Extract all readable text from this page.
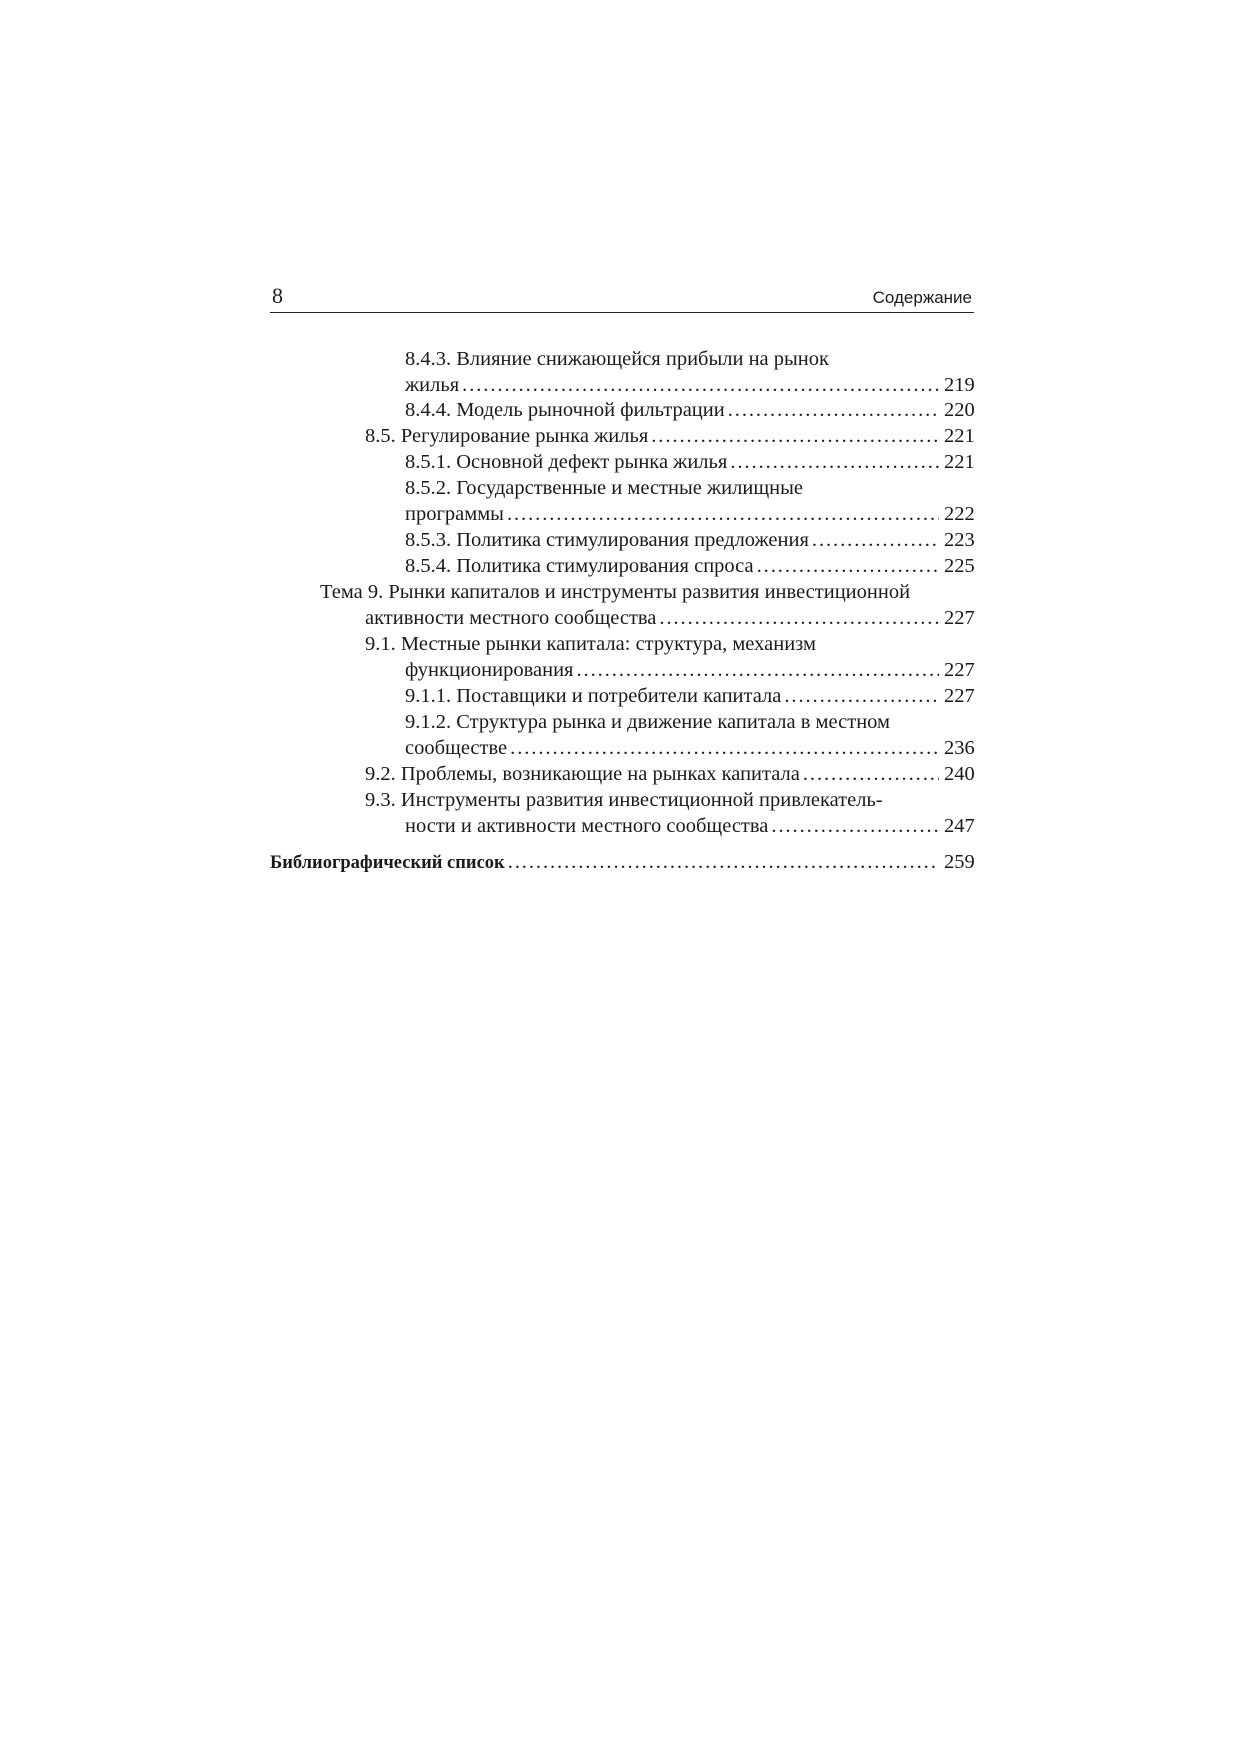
8	Содержание
8.4.3. Влияние снижающейся прибыли на рынок
жилья . . .	219
8.4.4. Модель рыночной фильтрации . . .	220
8.5. Регулирование рынка жилья . . .	221
8.5.1. Основной дефект рынка жилья . . .	221
8.5.2. Государственные и местные жилищные
программы . . .	222
8.5.3. Политика стимулирования предложения . . .	223
8.5.4. Политика стимулирования спроса . . .	225
Тема 9. Рынки капиталов и инструменты развития инвестиционной
активности местного сообщества . . .	227
9.1. Местные рынки капитала: структура, механизм
функционирования . . .	227
9.1.1. Поставщики и потребители капитала . . .	227
9.1.2. Структура рынка и движение капитала в местном
сообществе . . .	236
9.2. Проблемы, возникающие на рынках капитала . . .	240
9.3. Инструменты развития инвестиционной привлекатель-
ности и активности местного сообщества . . .	247
Библиографический список . . .	259
